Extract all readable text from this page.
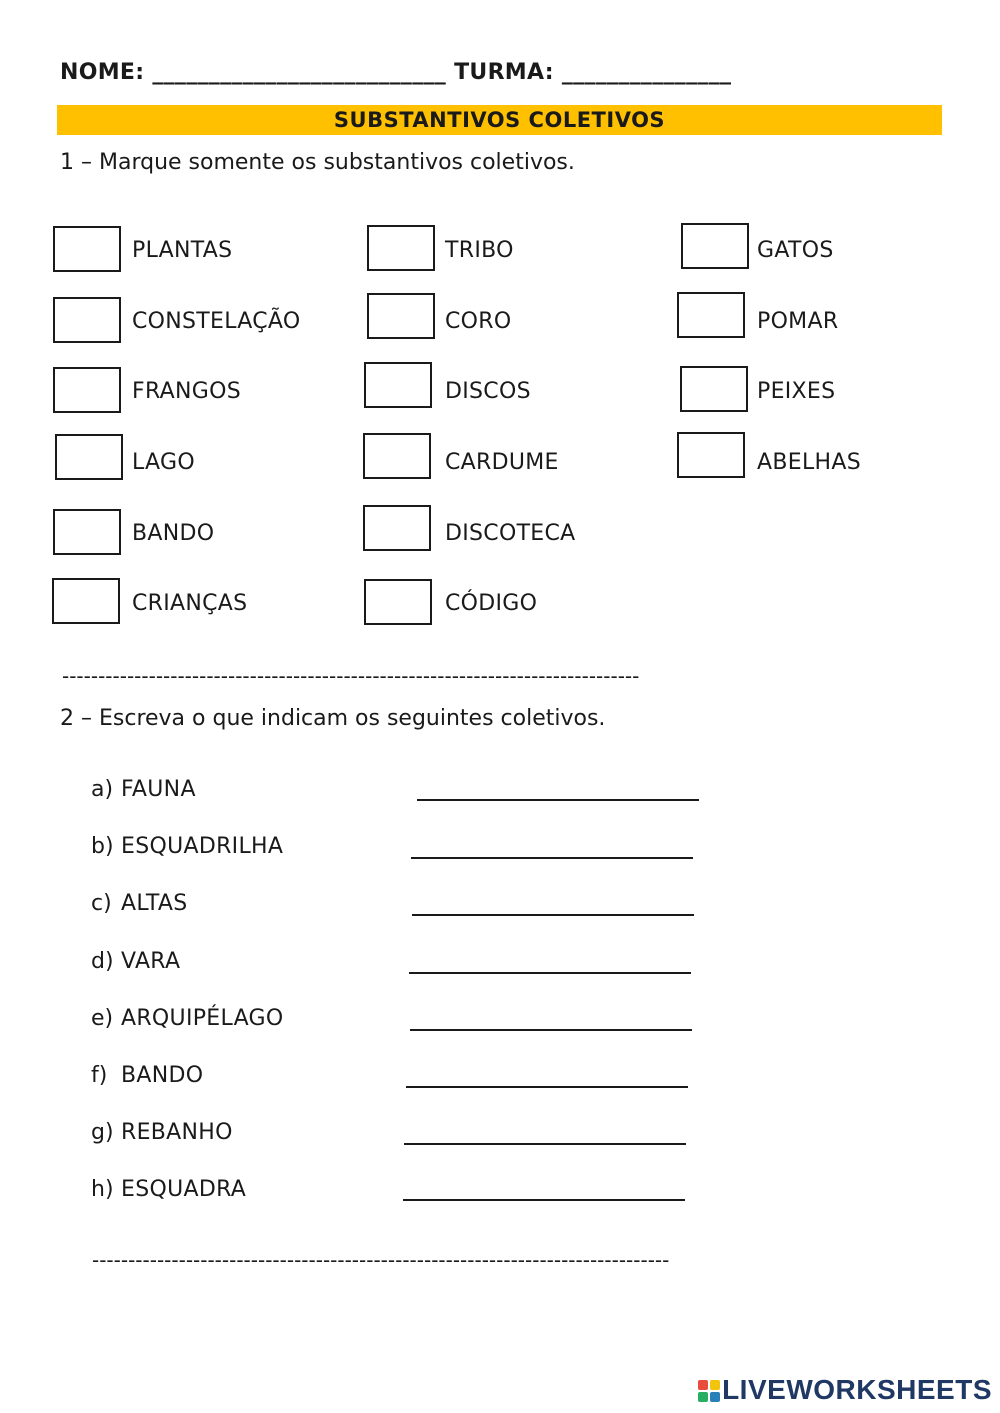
NOME: __________________________ TURMA: _______________
SUBSTANTIVOS COLETIVOS
1 – Marque somente os substantivos coletivos.
PLANTAS
CONSTELAÇÃO
FRANGOS
LAGO
BANDO
CRIANÇAS
TRIBO
CORO
DISCOS
CARDUME
DISCOTECA
CÓDIGO
GATOS
POMAR
PEIXES
ABELHAS
--------------------------------------------------------------------------------
2 – Escreva o que indicam os seguintes coletivos.
a) FAUNA
b) ESQUADRILHA
c) ALTAS
d) VARA
e) ARQUIPÉLAGO
f) BANDO
g) REBANHO
h) ESQUADRA
--------------------------------------------------------------------------------
LIVEWORKSHEETS
